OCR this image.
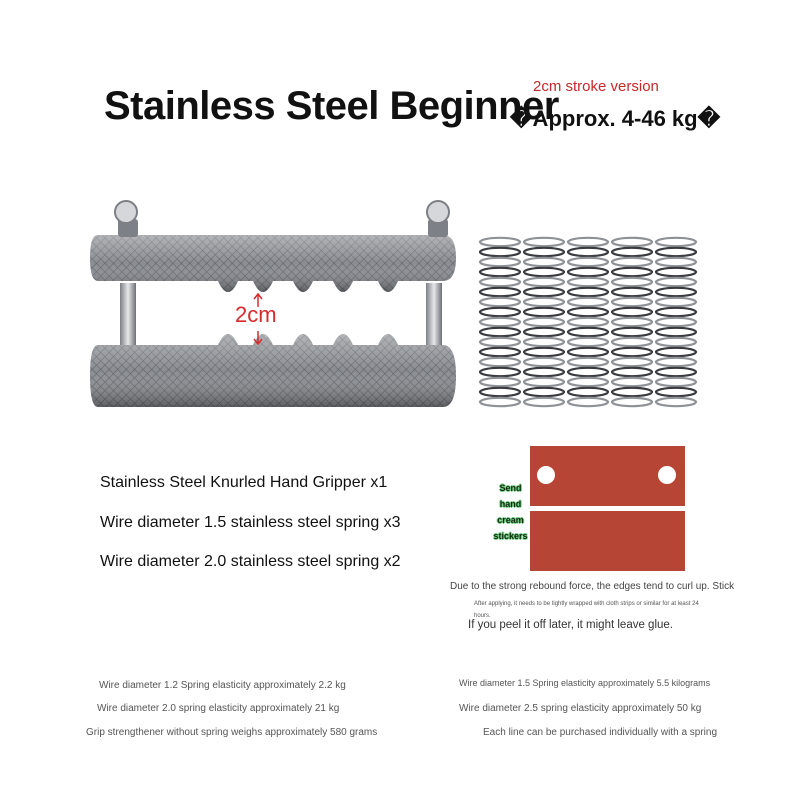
Stainless Steel Beginner
�Approx. 4-46 kg�
2cm stroke version
2cm
Stainless Steel Knurled Hand Gripper x1
Wire diameter 1.5 stainless steel spring x3
Wire diameter 2.0 stainless steel spring x2
Send
hand
cream
stickers
Due to the strong rebound force, the edges tend to curl up. Stick
After applying, it needs to be tightly wrapped with cloth strips or similar for at least 24 hours.
If you peel it off later, it might leave glue.
Wire diameter 1.2 Spring elasticity approximately 2.2 kg
Wire diameter 2.0 spring elasticity approximately 21 kg
Grip strengthener without spring weighs approximately 580 grams
Wire diameter 1.5 Spring elasticity approximately 5.5 kilograms
Wire diameter 2.5 spring elasticity approximately 50 kg
Each line can be purchased individually with a spring
